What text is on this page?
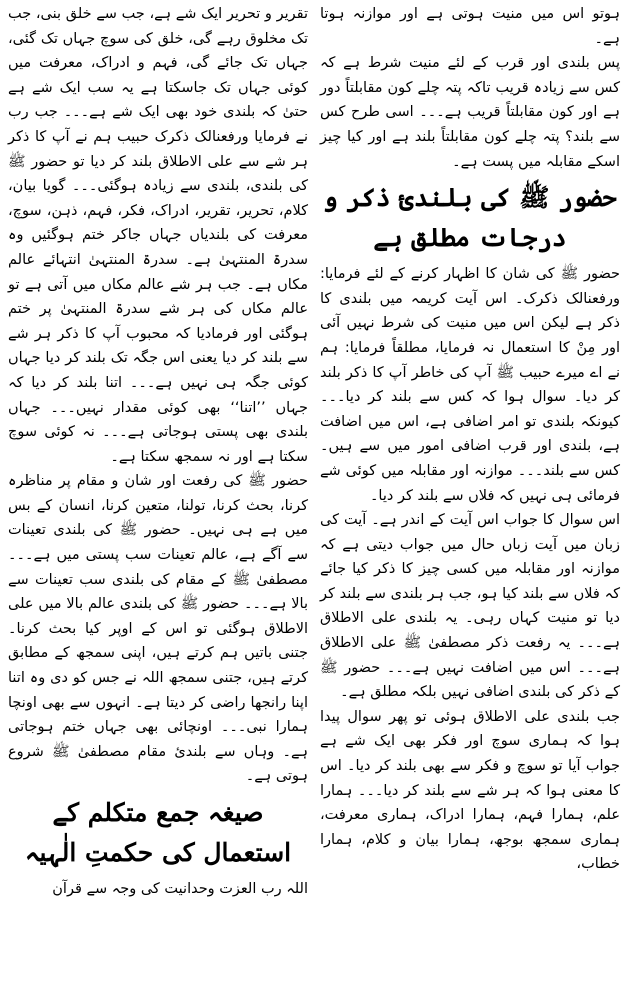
ہوتو اس میں منیت ہوتی ہے اور موازنہ ہوتا ہے۔

پس بلندی اور قرب کے لئے منیت شرط ہے کہ کس سے زیادہ قریب تاکہ پتہ چلے کون مقابلتاً دور ہے اور کون مقابلتاً قریب ہے۔۔۔ اسی طرح کس سے بلند؟ پتہ چلے کون مقابلتاً بلند ہے اور کیا چیز اسکے مقابلہ میں پست ہے۔

حضور ﷺ کی بلندیٔ ذکر و درجات مطلق ہے

حضور ﷺ کی شان کا اظہار کرنے کے لئے فرمایا: ورفعنالک ذکرک۔ اس آیت کریمہ میں بلندی کا ذکر ہے لیکن اس میں منیت کی شرط نہیں آئی اور مِنْ کا استعمال نہ فرمایا، مطلقاً فرمایا: ہم نے اے میرے حبیب ﷺ آپ کی خاطر آپ کا ذکر بلند کر دیا۔ سوال ہوا کہ کس سے بلند کر دیا۔۔۔ کیونکہ بلندی تو امر اضافی ہے، اس میں اضافت ہے، بلندی اور قرب اضافی امور میں سے ہیں۔ کس سے بلند۔۔۔ موازنہ اور مقابلہ میں کوئی شے فرمائی ہی نہیں کہ فلاں سے بلند کر دیا۔

اس سوال کا جواب اس آیت کے اندر ہے۔ آیت کی زبان میں آیت زباں حال میں جواب دیتی ہے کہ موازنہ اور مقابلہ میں کسی چیز کا ذکر کیا جائے کہ فلاں سے بلند کیا ہو، جب ہر بلندی سے بلند کر دیا تو منیت کہاں رہی۔ یہ بلندی علی الاطلاق ہے۔۔۔ یہ رفعت ذکر مصطفیٰ ﷺ علی الاطلاق ہے۔۔۔ اس میں اضافت نہیں ہے۔۔۔ حضور ﷺ کے ذکر کی بلندی اضافی نہیں بلکہ مطلق ہے۔

جب بلندی علی الاطلاق ہوئی تو پھر سوال پیدا ہوا کہ ہماری سوچ اور فکر بھی ایک شے ہے جواب آیا تو سوچ و فکر سے بھی بلند کر دیا۔ اس کا معنی ہوا کہ ہر شے سے بلند کر دیا۔۔۔ ہمارا علم، ہمارا فہم، ہمارا ادراک، ہماری معرفت، ہماری سمجھ بوجھ، ہمارا بیان و کلام، ہمارا خطاب،

تقریر و تحریر ایک شے ہے، جب سے خلق بنی، جب تک مخلوق رہے گی، خلق کی سوچ جہاں تک گئی، جہاں تک جائے گی، فہم و ادراک، معرفت میں کوئی جہاں تک جاسکتا ہے یہ سب ایک شے ہے حتیٰ کہ بلندی خود بھی ایک شے ہے۔۔۔ جب رب نے فرمایا ورفعنالک ذکرک حبیب ہم نے آپ کا ذکر ہر شے سے علی الاطلاق بلند کر دیا تو حضور ﷺ کی بلندی، بلندی سے زیادہ ہوگئی۔۔۔ گویا بیان، کلام، تحریر، تقریر، ادراک، فکر، فہم، ذہن، سوچ، معرفت کی بلندیاں جہاں جاکر ختم ہوگئیں وہ سدرۃ المنتہیٰ ہے۔ سدرۃ المنتہیٰ انتہائے عالم مکاں ہے۔ جب ہر شے عالم مکاں میں آتی ہے تو عالم مکاں کی ہر شے سدرۃ المنتہیٰ پر ختم ہوگئی اور فرمادیا کہ محبوب آپ کا ذکر ہر شے سے بلند کر دیا یعنی اس جگہ تک بلند کر دیا جہاں کوئی جگہ ہی نہیں ہے۔۔۔ اتنا بلند کر دیا کہ جہاں ’’اتنا‘‘ بھی کوئی مقدار نہیں۔۔۔ جہاں بلندی بھی پستی ہوجاتی ہے۔۔۔ نہ کوئی سوچ سکتا ہے اور نہ سمجھ سکتا ہے۔

حضور ﷺ کی رفعت اور شان و مقام پر مناظرہ کرنا، بحث کرنا، تولنا، متعین کرنا، انسان کے بس میں ہے ہی نہیں۔ حضور ﷺ کی بلندی تعینات سے آگے ہے، عالم تعینات سب پستی میں ہے۔۔۔ مصطفیٰ ﷺ کے مقام کی بلندی سب تعینات سے بالا ہے۔۔۔ حضور ﷺ کی بلندی عالم بالا میں علی الاطلاق ہوگئی تو اس کے اوپر کیا بحث کرنا۔ جتنی باتیں ہم کرتے ہیں، اپنی سمجھ کے مطابق کرتے ہیں، جتنی سمجھ اللہ نے جس کو دی وہ اتنا اپنا رانجھا راضی کر دیتا ہے۔ انہوں سے بھی اونچا ہمارا نبی۔۔۔ اونچائی بھی جہاں ختم ہوجاتی ہے۔ وہاں سے بلندیٔ مقام مصطفیٰ ﷺ شروع ہوتی ہے۔

صیغہ جمع متکلم کے استعمال کی حکمتِ الٰہیہ

اللہ رب العزت وحدانیت کی وجہ سے قرآن
